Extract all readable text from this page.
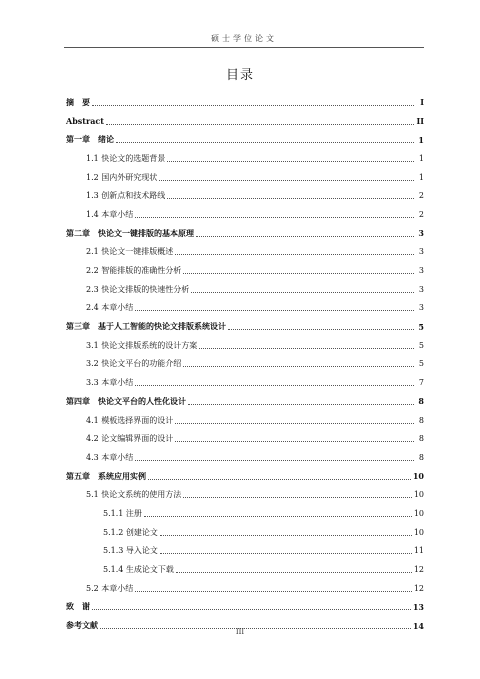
硕士学位论文
目录
摘　要	I
Abstract	II
第一章　绪论	1
1.1 快论文的选题背景	1
1.2 国内外研究现状	1
1.3 创新点和技术路线	2
1.4 本章小结	2
第二章　快论文一键排版的基本原理	3
2.1 快论文一键排版概述	3
2.2 智能排版的准确性分析	3
2.3 快论文排版的快速性分析	3
2.4 本章小结	3
第三章　基于人工智能的快论文排版系统设计	5
3.1 快论文排版系统的设计方案	5
3.2 快论文平台的功能介绍	5
3.3 本章小结	7
第四章　快论文平台的人性化设计	8
4.1 模板选择界面的设计	8
4.2 论文编辑界面的设计	8
4.3 本章小结	8
第五章　系统应用实例	10
5.1 快论文系统的使用方法	10
5.1.1 注册	10
5.1.2 创建论文	10
5.1.3 导入论文	11
5.1.4 生成论文下载	12
5.2 本章小结	12
致　谢	13
参考文献	14
III
